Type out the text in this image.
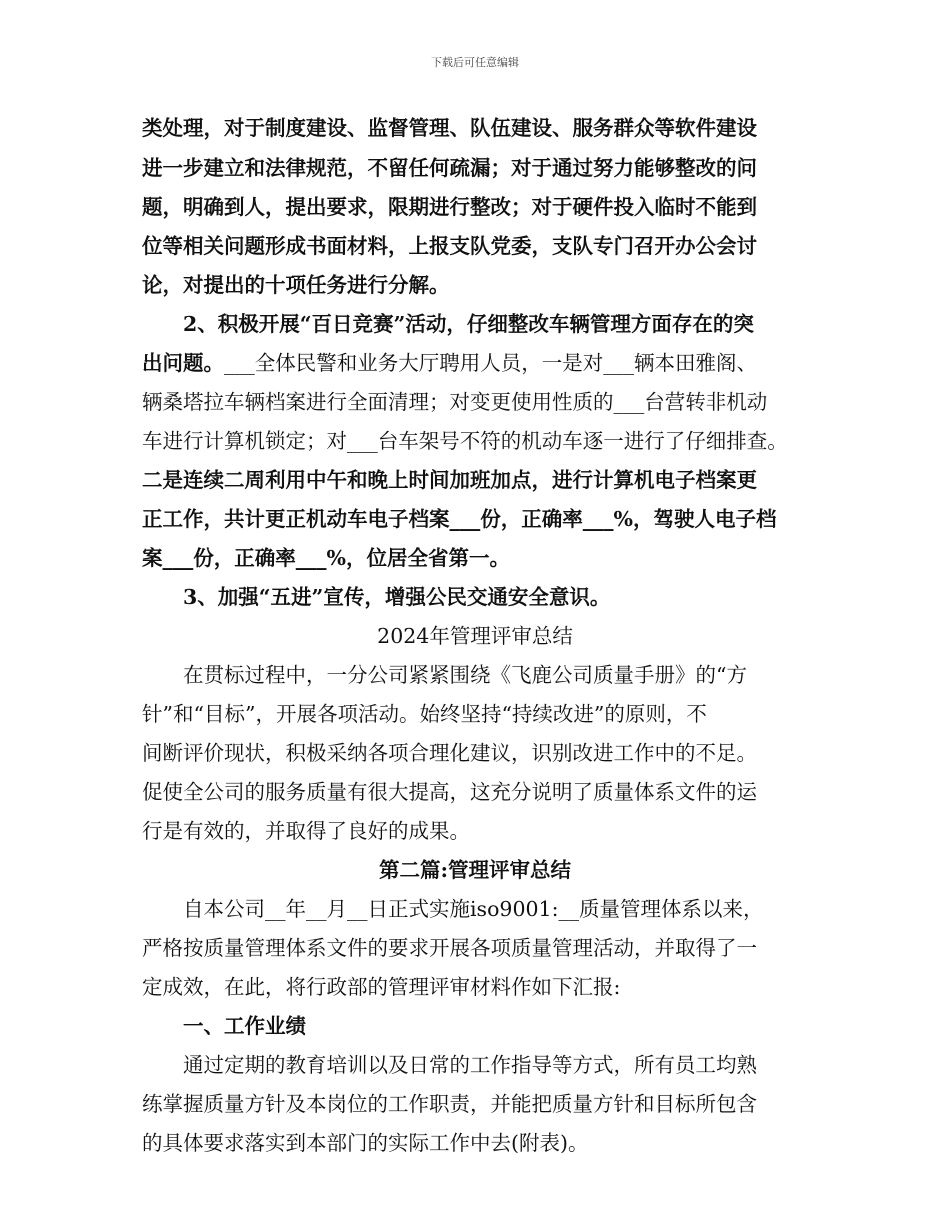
下载后可任意编辑
类处理，对于制度建设、监督管理、队伍建设、服务群众等软件建设
进一步建立和法律规范，不留任何疏漏；对于通过努力能够整改的问
题，明确到人，提出要求，限期进行整改；对于硬件投入临时不能到
位等相关问题形成书面材料，上报支队党委，支队专门召开办公会讨
论，对提出的十项任务进行分解。
2、积极开展“百日竞赛”活动，仔细整改车辆管理方面存在的突
出问题。___全体民警和业务大厅聘用人员，一是对___辆本田雅阁、
辆桑塔拉车辆档案进行全面清理；对变更使用性质的___台营转非机动
车进行计算机锁定；对___台车架号不符的机动车逐一进行了仔细排查。
二是连续二周利用中午和晚上时间加班加点，进行计算机电子档案更
正工作，共计更正机动车电子档案___份，正确率___%，驾驶人电子档
案___份，正确率___%，位居全省第一。
3、加强“五进”宣传，增强公民交通安全意识。
2024年管理评审总结
在贯标过程中，一分公司紧紧围绕《飞鹿公司质量手册》的“方
针”和“目标”，开展各项活动。始终坚持“持续改进”的原则，不
间断评价现状，积极采纳各项合理化建议，识别改进工作中的不足。
促使全公司的服务质量有很大提高，这充分说明了质量体系文件的运
行是有效的，并取得了良好的成果。
第二篇:管理评审总结
自本公司__年__月__日正式实施iso9001:__质量管理体系以来，
严格按质量管理体系文件的要求开展各项质量管理活动，并取得了一
定成效，在此，将行政部的管理评审材料作如下汇报:
一、工作业绩
通过定期的教育培训以及日常的工作指导等方式，所有员工均熟
练掌握质量方针及本岗位的工作职责，并能把质量方针和目标所包含
的具体要求落实到本部门的实际工作中去(附表)。
